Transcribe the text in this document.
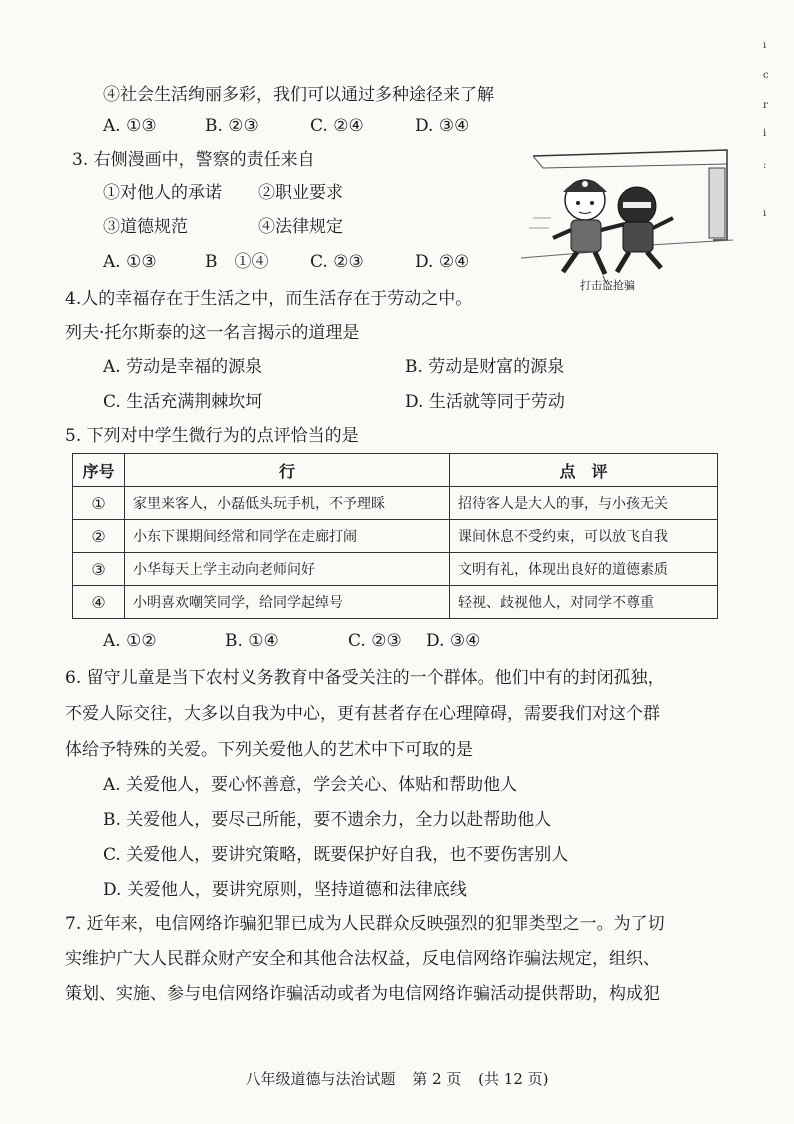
④社会生活绚丽多彩，我们可以通过多种途径来了解
A. ①③	B. ②③	C. ②④	D. ③④
3. 右侧漫画中，警察的责任来自
①对他人的承诺 ②职业要求
③道德规范	④法律规定
A. ①③	B　①④ C. ②③	D. ②④
打击盗抢骗
4.人的幸福存在于生活之中，而生活存在于劳动之中。
列夫·托尔斯泰的这一名言揭示的道理是
A. 劳动是幸福的源泉	B. 劳动是财富的源泉
C. 生活充满荆棘坎坷	D. 生活就等同于劳动
5. 下列对中学生微行为的点评恰当的是
序号	行	点　评
①	家里来客人，小磊低头玩手机，不予理睬	招待客人是大人的事，与小孩无关
②	小东下课期间经常和同学在走廊打闹	课间休息不受约束，可以放飞自我
③	小华每天上学主动向老师问好	文明有礼，体现出良好的道德素质
④	小明喜欢嘲笑同学，给同学起绰号	轻视、歧视他人，对同学不尊重
A. ①②	B. ①④	C. ②③ D. ③④
6. 留守儿童是当下农村义务教育中备受关注的一个群体。他们中有的封闭孤独，
不爱人际交往，大多以自我为中心，更有甚者存在心理障碍，需要我们对这个群
体给予特殊的关爱。下列关爱他人的艺术中下可取的是
A. 关爱他人，要心怀善意，学会关心、体贴和帮助他人
B. 关爱他人，要尽己所能，要不遗余力，全力以赴帮助他人
C. 关爱他人，要讲究策略，既要保护好自我，也不要伤害别人
D. 关爱他人，要讲究原则，坚持道德和法律底线
7. 近年来，电信网络诈骗犯罪已成为人民群众反映强烈的犯罪类型之一。为了切
实维护广大人民群众财产安全和其他合法权益，反电信网络诈骗法规定，组织、
策划、实施、参与电信网络诈骗活动或者为电信网络诈骗活动提供帮助，构成犯
八年级道德与法治试题 第 2 页 (共 12 页)
ı
c
r
i
:
ı
